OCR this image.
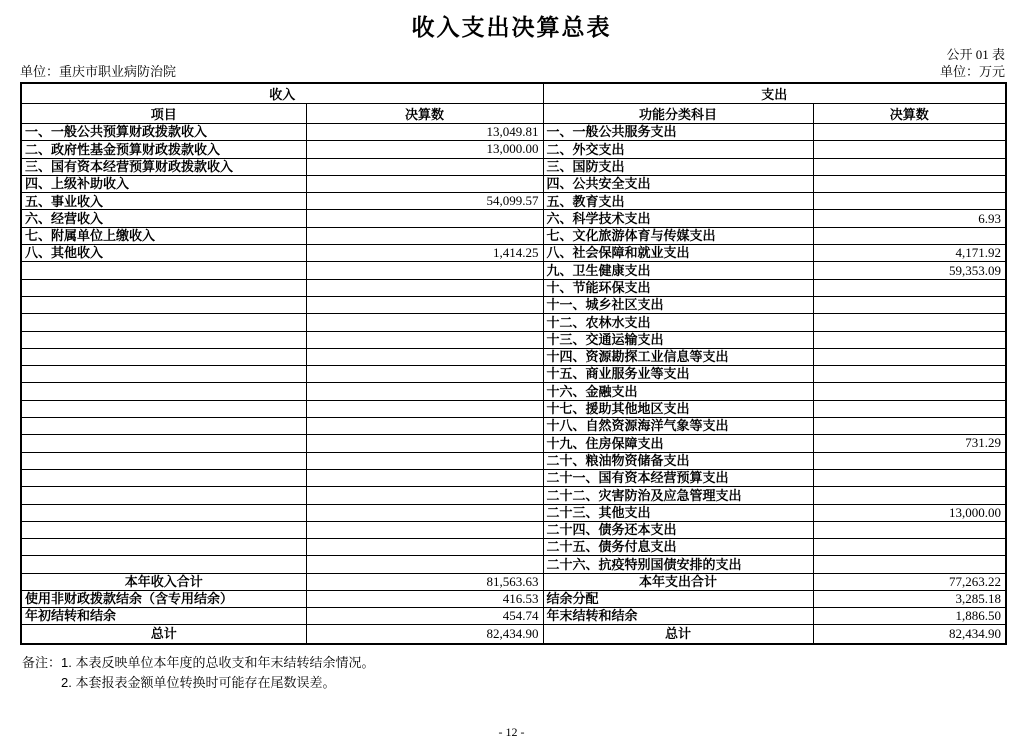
收入支出决算总表
公开 01 表
单位：重庆市职业病防治院	单位：万元
收入		支出	
项目	决算数	功能分类科目	决算数
一、一般公共预算财政拨款收入	13,049.81	一、一般公共服务支出	
二、政府性基金预算财政拨款收入	13,000.00	二、外交支出	
三、国有资本经营预算财政拨款收入		三、国防支出	
四、上级补助收入		四、公共安全支出	
五、事业收入	54,099.57	五、教育支出	
六、经营收入		六、科学技术支出	6.93
七、附属单位上缴收入		七、文化旅游体育与传媒支出	
八、其他收入	1,414.25	八、社会保障和就业支出	4,171.92
		九、卫生健康支出	59,353.09
		十、节能环保支出	
		十一、城乡社区支出	
		十二、农林水支出	
		十三、交通运输支出	
		十四、资源勘探工业信息等支出	
		十五、商业服务业等支出	
		十六、金融支出	
		十七、援助其他地区支出	
		十八、自然资源海洋气象等支出	
		十九、住房保障支出	731.29
		二十、粮油物资储备支出	
		二十一、国有资本经营预算支出	
		二十二、灾害防治及应急管理支出	
		二十三、其他支出	13,000.00
		二十四、债务还本支出	
		二十五、债务付息支出	
		二十六、抗疫特别国债安排的支出	
本年收入合计	81,563.63	本年支出合计	77,263.22
使用非财政拨款结余（含专用结余）	416.53	结余分配	3,285.18
年初结转和结余	454.74	年末结转和结余	1,886.50
总计	82,434.90	总计	82,434.90
备注： 1. 本表反映单位本年度的总收支和年末结转结余情况。
2. 本套报表金额单位转换时可能存在尾数误差。
- 12 -
